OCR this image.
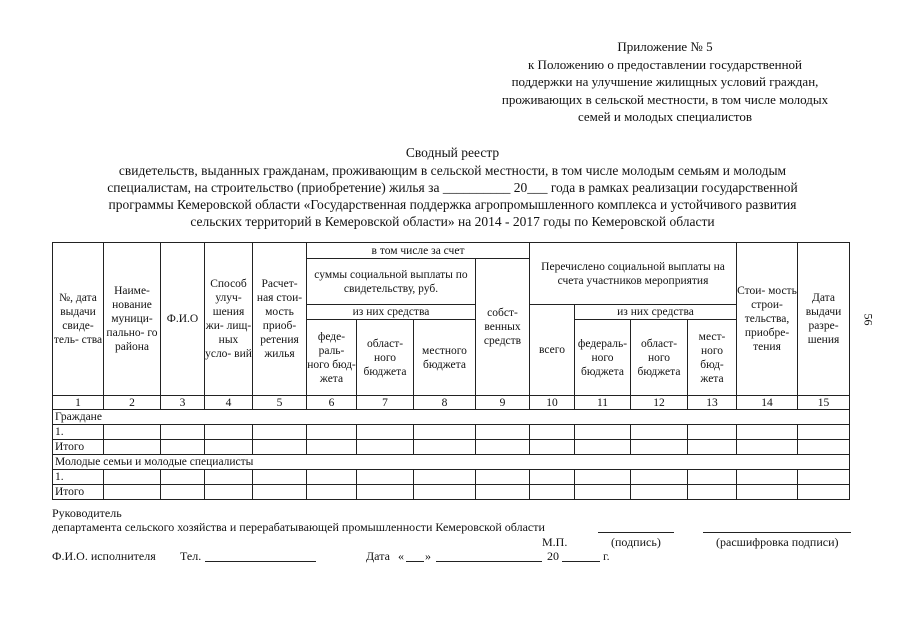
Приложение № 5
к Положению о предоставлении государственной
поддержки на улучшение жилищных условий граждан,
проживающих в сельской местности, в том числе молодых
семей и молодых специалистов
Сводный реестр
свидетельств, выданных гражданам, проживающим в сельской местности, в том числе молодым семьям и молодым
специалистам, на строительство (приобретение) жилья за __________ 20___ года в рамках реализации государственной
программы Кемеровской области «Государственная поддержка агропромышленного комплекса и устойчивого развития
сельских территорий в Кемеровской области» на 2014 - 2017 годы по Кемеровской области
56
№, дата выдачи свиде- тель- ства	Наиме- нование муници- пально- го района	Ф.И.О	Способ улуч- шения жи- лищ- ных усло- вий	Расчет- ная стои- мость приоб- ретения жилья	в том числе за счет				Перечислено социальной выплаты на счета участников мероприятия				Стои- мость строи- тельства, приобре- тения	Дата выдачи разре- шения
					суммы социальной выплаты по свидетельству, руб.			собст- венных средств						
					из них средства				всего	из них средства				
					феде- раль- ного бюд- жета	област- ного бюджета	местного бюджета			федераль- ного бюджета	област- ного бюджета	мест- ного бюд- жета		
1	2	3	4	5	6	7	8	9	10	11	12	13	14	15
Граждане														
1.														
Итого														
Молодые семьи и молодые специалисты														
1.														
Итого														
Руководитель
департамента сельского хозяйства и перерабатывающей промышленности Кемеровской области
М.П.	(подпись)	(расшифровка подписи)
Ф.И.О. исполнителя Тел.	Дата « »	20	г.
